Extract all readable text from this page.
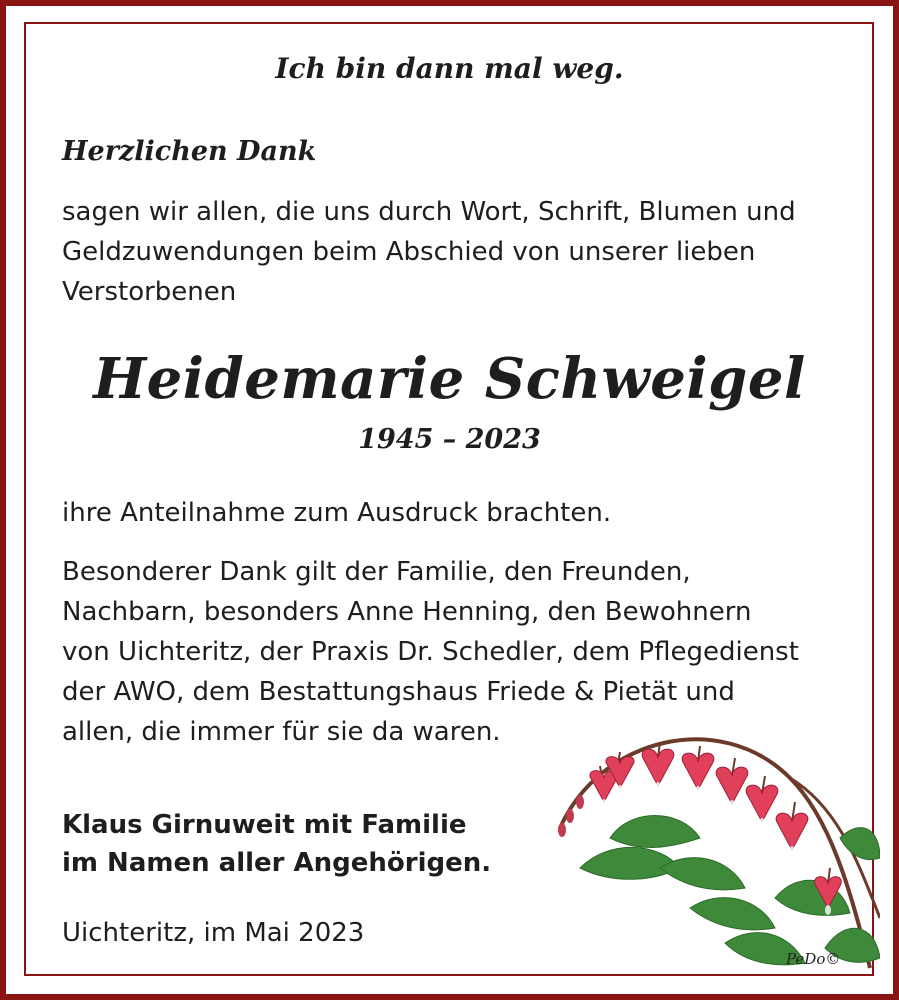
Ich bin dann mal weg.
Herzlichen Dank
sagen wir allen, die uns durch Wort, Schrift, Blumen und
Geldzuwendungen beim Abschied von unserer lieben
Verstorbenen
Heidemarie Schweigel
1945 – 2023
ihre Anteilnahme zum Ausdruck brachten.
Besonderer Dank gilt der Familie, den Freunden,
Nachbarn, besonders Anne Henning, den Bewohnern
von Uichteritz, der Praxis Dr. Schedler, dem Pflegedienst
der AWO, dem Bestattungshaus Friede & Pietät und
allen, die immer für sie da waren.
Klaus Girnuweit mit Familie
im Namen aller Angehörigen.
Uichteritz, im Mai 2023
PeDo©
